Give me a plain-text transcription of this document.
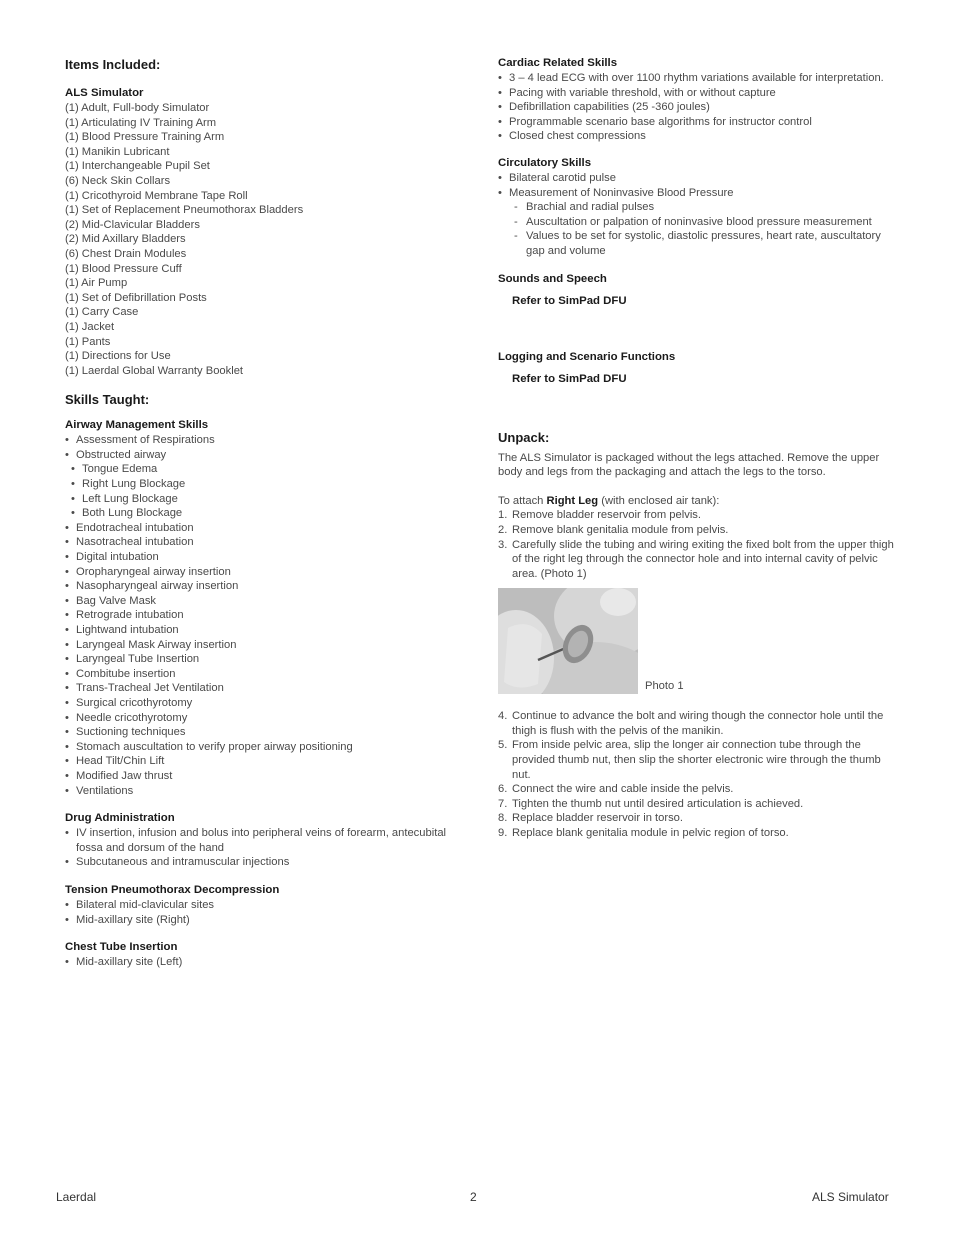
Items Included:
ALS Simulator
(1) Adult, Full-body Simulator
(1) Articulating IV Training Arm
(1) Blood Pressure Training Arm
(1) Manikin Lubricant
(1) Interchangeable Pupil Set
(6) Neck Skin Collars
(1) Cricothyroid Membrane Tape Roll
(1) Set of Replacement Pneumothorax Bladders
(2) Mid-Clavicular Bladders
(2) Mid Axillary Bladders
(6) Chest Drain Modules
(1) Blood Pressure Cuff
(1) Air Pump
(1) Set of Defibrillation Posts
(1) Carry Case
(1) Jacket
(1) Pants
(1) Directions for Use
(1) Laerdal Global Warranty Booklet
Skills Taught:
Airway Management Skills
• Assessment of Respirations
• Obstructed airway
• Tongue Edema
• Right Lung Blockage
• Left Lung Blockage
• Both Lung Blockage
• Endotracheal intubation
• Nasotracheal intubation
• Digital intubation
• Oropharyngeal airway insertion
• Nasopharyngeal airway insertion
• Bag Valve Mask
• Retrograde intubation
• Lightwand intubation
• Laryngeal Mask Airway insertion
• Laryngeal Tube Insertion
• Combitube insertion
• Trans-Tracheal Jet Ventilation
• Surgical cricothyrotomy
• Needle cricothyrotomy
• Suctioning techniques
• Stomach auscultation to verify proper airway positioning
• Head Tilt/Chin Lift
• Modified Jaw thrust
• Ventilations
Drug Administration
• IV insertion, infusion and bolus into peripheral veins of forearm, antecubital fossa and dorsum of the hand
• Subcutaneous and intramuscular injections
Tension Pneumothorax Decompression
• Bilateral mid-clavicular sites
• Mid-axillary site (Right)
Chest Tube Insertion
• Mid-axillary site (Left)
Cardiac Related Skills
• 3 – 4 lead ECG with over 1100 rhythm variations available for interpretation.
• Pacing with variable threshold, with or without capture
• Defibrillation capabilities (25 -360 joules)
• Programmable scenario base algorithms for instructor control
• Closed chest compressions
Circulatory Skills
• Bilateral carotid pulse
• Measurement of Noninvasive Blood Pressure
- Brachial and radial pulses
- Auscultation or palpation of noninvasive blood pressure measurement
- Values to be set for systolic, diastolic pressures, heart rate, auscultatory gap and volume
Sounds and Speech
Refer to SimPad DFU
Logging and Scenario Functions
Refer to SimPad DFU
Unpack:

The ALS Simulator is packaged without the legs attached. Remove the upper body and legs from the packaging and attach the legs to the torso.

To attach Right Leg (with enclosed air tank):

1. Remove bladder reservoir from pelvis.
2. Remove blank genitalia module from pelvis.
3. Carefully slide the tubing and wiring exiting the fixed bolt from the upper thigh of the right leg through the connector hole and into internal cavity of pelvic area. (Photo 1)
Photo 1
4. Continue to advance the bolt and wiring though the connector hole until the thigh is flush with the pelvis of the manikin.
5. From inside pelvic area, slip the longer air connection tube through the provided thumb nut, then slip the shorter electronic wire through the thumb nut.
6. Connect the wire and cable inside the pelvis.
7. Tighten the thumb nut until desired articulation is achieved.
8. Replace bladder reservoir in torso.
9. Replace blank genitalia module in pelvic region of torso.
Laerdal	2	ALS Simulator
